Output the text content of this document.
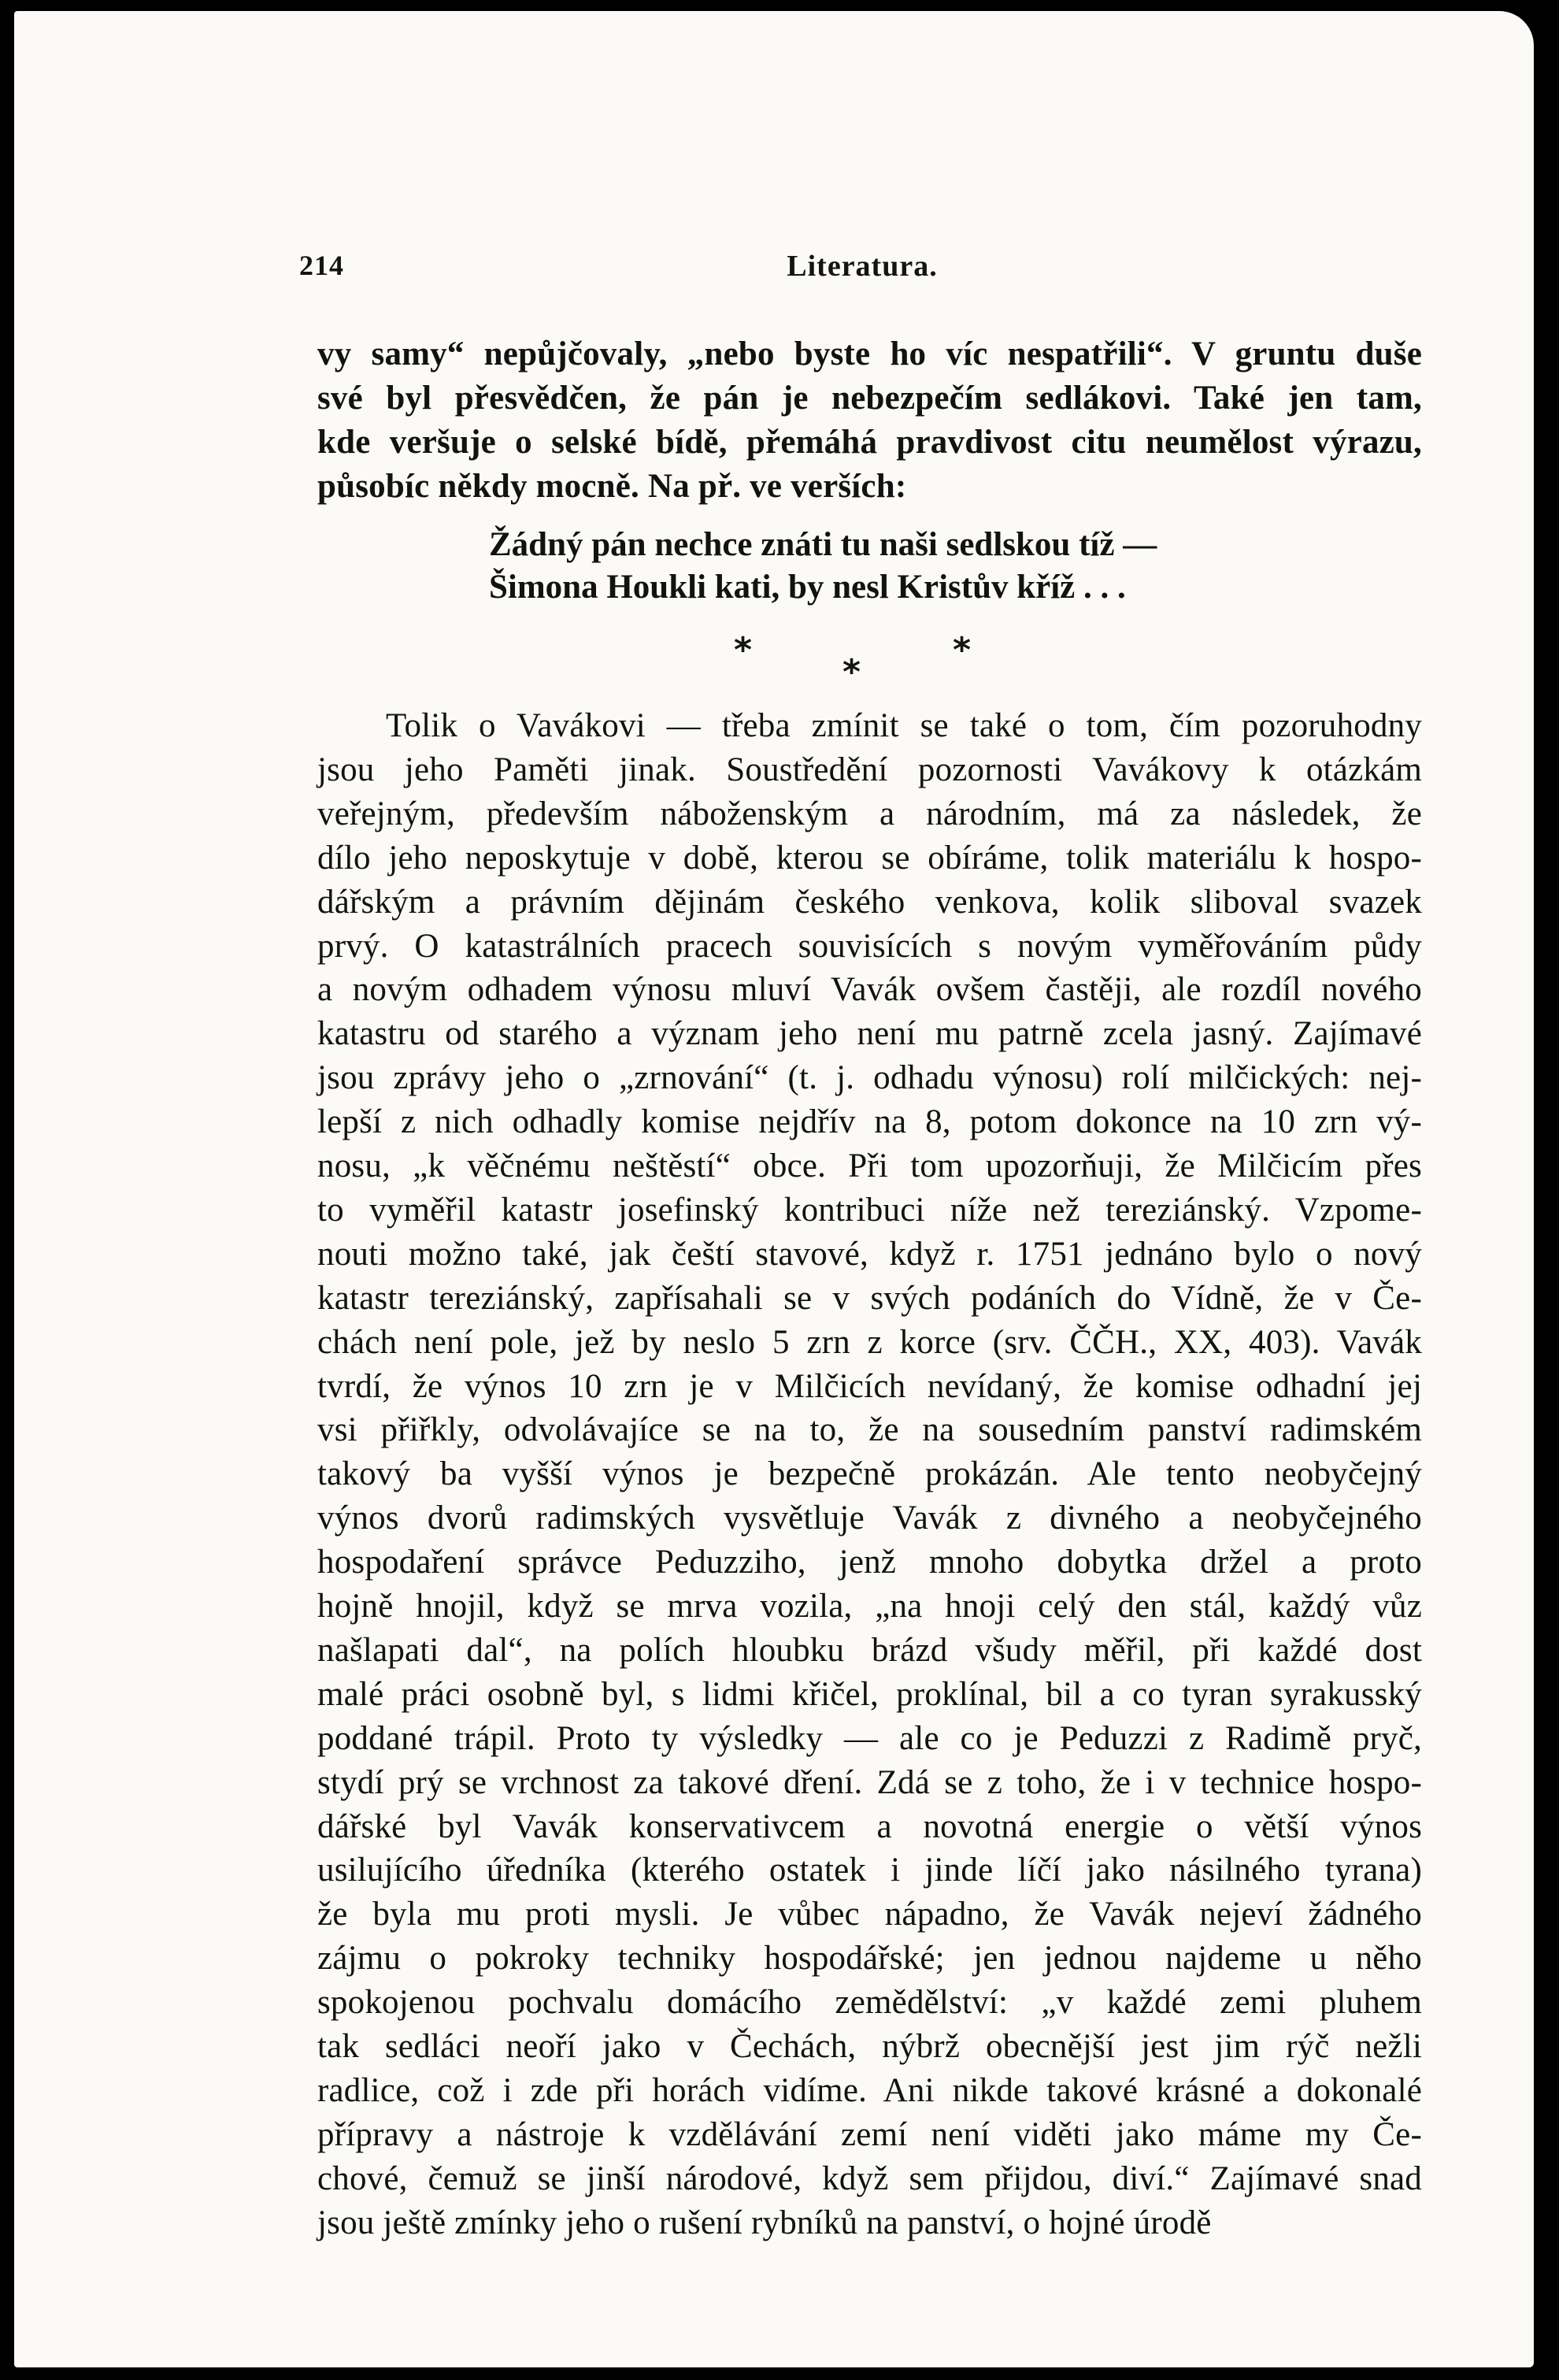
214	Literatura.
vy samy“ nepůjčovaly, „nebo byste ho víc nespatřili“. V gruntu duše
své byl přesvědčen, že pán je nebezpečím sedlákovi. Také jen tam,
kde veršuje o selské bídě, přemáhá pravdivost citu neumělost výrazu,
působíc někdy mocně. Na př. ve verších:
Žádný pán nechce znáti tu naši sedlskou tíž —
Šimona Houkli kati, by nesl Kristův kříž . . .
*
*
*
Tolik o Vavákovi — třeba zmínit se také o tom, čím pozoruhodny
jsou jeho Paměti jinak. Soustředění pozornosti Vavákovy k otázkám
veřejným, především náboženským a národním, má za následek, že
dílo jeho neposkytuje v době, kterou se obíráme, tolik materiálu k hospo-
dářským a právním dějinám českého venkova, kolik sliboval svazek
prvý. O katastrálních pracech souvisících s novým vyměřováním půdy
a novým odhadem výnosu mluví Vavák ovšem častěji, ale rozdíl nového
katastru od starého a význam jeho není mu patrně zcela jasný. Zajímavé
jsou zprávy jeho o „zrnování“ (t. j. odhadu výnosu) rolí milčických: nej-
lepší z nich odhadly komise nejdřív na 8, potom dokonce na 10 zrn vý-
nosu, „k věčnému neštěstí“ obce. Při tom upozorňuji, že Milčicím přes
to vyměřil katastr josefinský kontribuci níže než tereziánský. Vzpome-
nouti možno také, jak čeští stavové, když r. 1751 jednáno bylo o nový
katastr tereziánský, zapřísahali se v svých podáních do Vídně, že v Če-
chách není pole, jež by neslo 5 zrn z korce (srv. ČČH., XX, 403). Vavák
tvrdí, že výnos 10 zrn je v Milčicích nevídaný, že komise odhadní jej
vsi přiřkly, odvolávajíce se na to, že na sousedním panství radimském
takový ba vyšší výnos je bezpečně prokázán. Ale tento neobyčejný
výnos dvorů radimských vysvětluje Vavák z divného a neobyčejného
hospodaření správce Peduzziho, jenž mnoho dobytka držel a proto
hojně hnojil, když se mrva vozila, „na hnoji celý den stál, každý vůz
našlapati dal“, na polích hloubku brázd všudy měřil, při každé dost
malé práci osobně byl, s lidmi křičel, proklínal, bil a co tyran syrakusský
poddané trápil. Proto ty výsledky — ale co je Peduzzi z Radimě pryč,
stydí prý se vrchnost za takové dření. Zdá se z toho, že i v technice hospo-
dářské byl Vavák konservativcem a novotná energie o větší výnos
usilujícího úředníka (kterého ostatek i jinde líčí jako násilného tyrana)
že byla mu proti mysli. Je vůbec nápadno, že Vavák nejeví žádného
zájmu o pokroky techniky hospodářské; jen jednou najdeme u něho
spokojenou pochvalu domácího zemědělství: „v každé zemi pluhem
tak sedláci neoří jako v Čechách, nýbrž obecnější jest jim rýč nežli
radlice, což i zde při horách vidíme. Ani nikde takové krásné a dokonalé
přípravy a nástroje k vzdělávání zemí není viděti jako máme my Če-
chové, čemuž se jinší národové, když sem přijdou, diví.“ Zajímavé snad
jsou ještě zmínky jeho o rušení rybníků na panství, o hojné úrodě
